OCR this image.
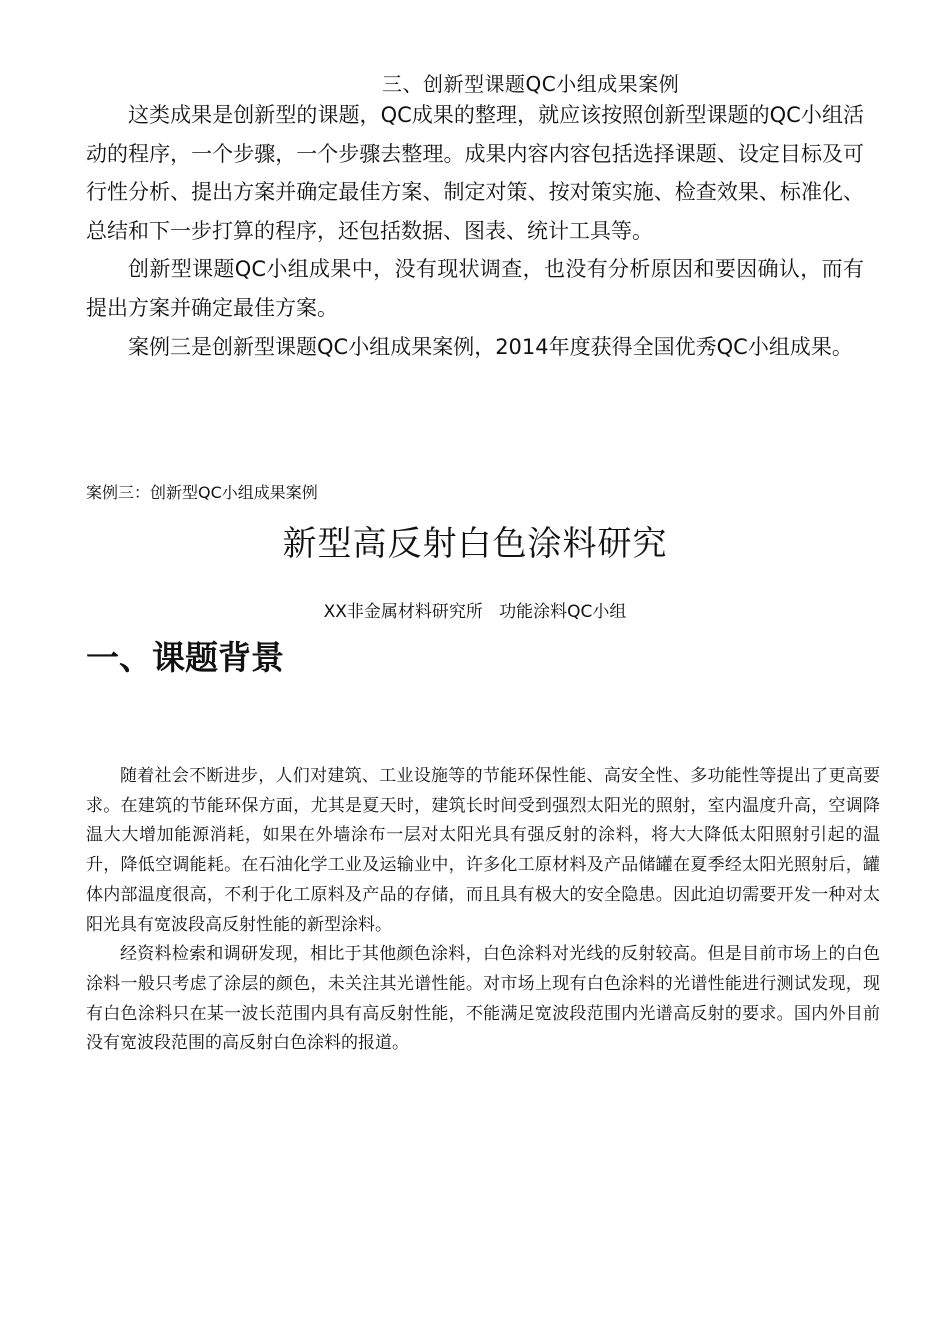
三、创新型课题QC小组成果案例

这类成果是创新型的课题，QC成果的整理，就应该按照创新型课题的QC小组活动的程序，一个步骤，一个步骤去整理。成果内容内容包括选择课题、设定目标及可行性分析、提出方案并确定最佳方案、制定对策、按对策实施、检查效果、标准化、总结和下一步打算的程序，还包括数据、图表、统计工具等。

创新型课题QC小组成果中，没有现状调查，也没有分析原因和要因确认，而有提出方案并确定最佳方案。

案例三是创新型课题QC小组成果案例，2014年度获得全国优秀QC小组成果。

案例三：创新型QC小组成果案例
新型高反射白色涂料研究
XX非金属材料研究所   功能涂料QC小组
一、课题背景

随着社会不断进步，人们对建筑、工业设施等的节能环保性能、高安全性、多功能性等提出了更高要求。在建筑的节能环保方面，尤其是夏天时，建筑长时间受到强烈太阳光的照射，室内温度升高，空调降温大大增加能源消耗，如果在外墙涂布一层对太阳光具有强反射的涂料，将大大降低太阳照射引起的温升，降低空调能耗。在石油化学工业及运输业中，许多化工原材料及产品储罐在夏季经太阳光照射后，罐体内部温度很高，不利于化工原料及产品的存储，而且具有极大的安全隐患。因此迫切需要开发一种对太阳光具有宽波段高反射性能的新型涂料。

经资料检索和调研发现，相比于其他颜色涂料，白色涂料对光线的反射较高。但是目前市场上的白色涂料一般只考虑了涂层的颜色，未关注其光谱性能。对市场上现有白色涂料的光谱性能进行测试发现，现有白色涂料只在某一波长范围内具有高反射性能，不能满足宽波段范围内光谱高反射的要求。国内外目前没有宽波段范围的高反射白色涂料的报道。
